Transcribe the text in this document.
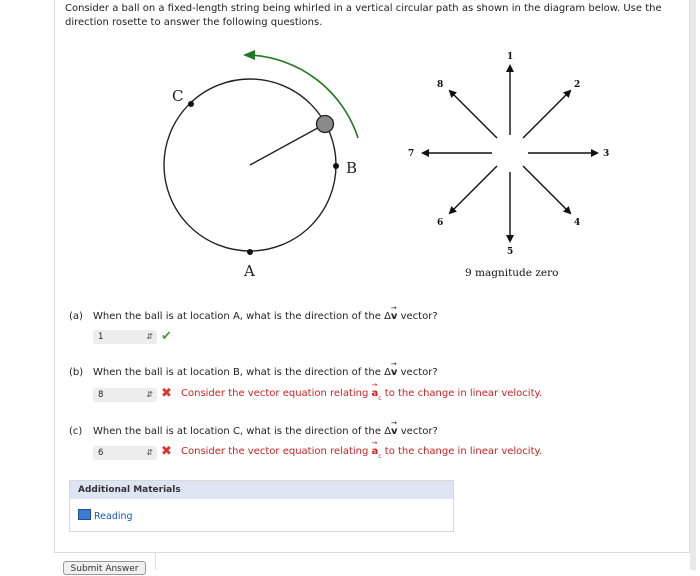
Consider a ball on a fixed-length string being whirled in a vertical circular path as shown in the diagram below. Use the direction rosette to answer the following questions.
C
B
A
1
2
3
4
5
6
7
8
9 magnitude zero
(a) When the ball is at location A, what is the direction of the Δ→ v vector?
1	⇵ ✔
(b) When the ball is at location B, what is the direction of the Δ→ v vector?
8	⇵ ✖ Consider the vector equation relating → $a_c$ to the change in linear velocity.
(c) When the ball is at location C, what is the direction of the Δ→ v vector?
6	⇵ ✖ Consider the vector equation relating → $a_c$ to the change in linear velocity.
Additional Materials
Reading
Submit Answer
